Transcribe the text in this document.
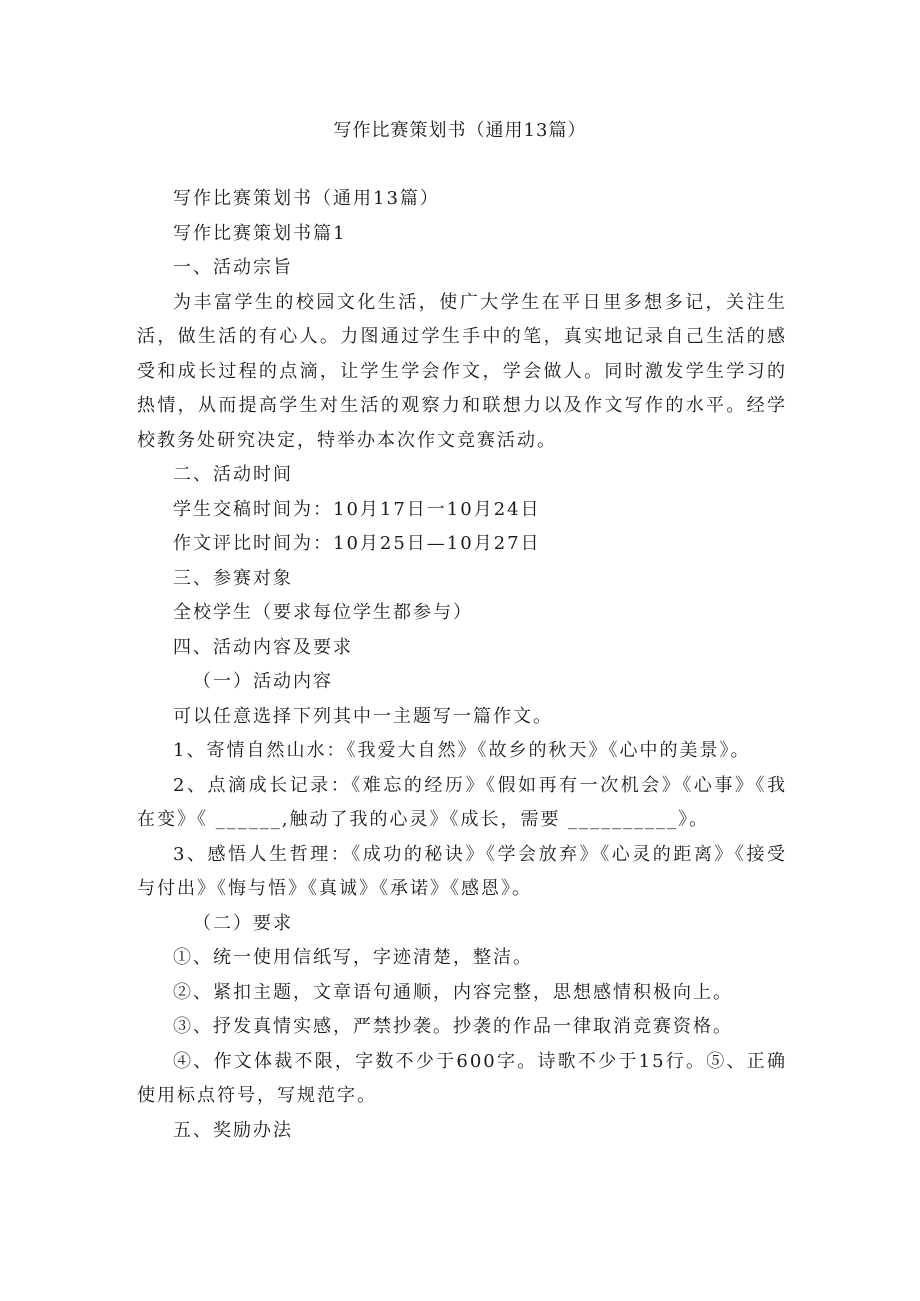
写作比赛策划书（通用13篇）

写作比赛策划书（通用13篇）

写作比赛策划书篇1

一、活动宗旨

为丰富学生的校园文化生活，使广大学生在平日里多想多记，关注生活，做生活的有心人。力图通过学生手中的笔，真实地记录自己生活的感受和成长过程的点滴，让学生学会作文，学会做人。同时激发学生学习的热情，从而提高学生对生活的观察力和联想力以及作文写作的水平。经学校教务处研究决定，特举办本次作文竞赛活动。

二、活动时间

学生交稿时间为：10月17日一10月24日

作文评比时间为：10月25日—10月27日

三、参赛对象

全校学生（要求每位学生都参与）

四、活动内容及要求

（一）活动内容

可以任意选择下列其中一主题写一篇作文。

1、寄情自然山水：《我爱大自然》《故乡的秋天》《心中的美景》。

2、点滴成长记录：《难忘的经历》《假如再有一次机会》《心事》《我在变》《 ______,触动了我的心灵》《成长，需要 __________》。

3、感悟人生哲理：《成功的秘诀》《学会放弃》《心灵的距离》《接受与付出》《悔与悟》《真诚》《承诺》《感恩》。

（二）要求

①、统一使用信纸写，字迹清楚，整洁。

②、紧扣主题，文章语句通顺，内容完整，思想感情积极向上。

③、抒发真情实感，严禁抄袭。抄袭的作品一律取消竞赛资格。

④、作文体裁不限，字数不少于600字。诗歌不少于15行。⑤、正确使用标点符号，写规范字。

五、奖励办法
